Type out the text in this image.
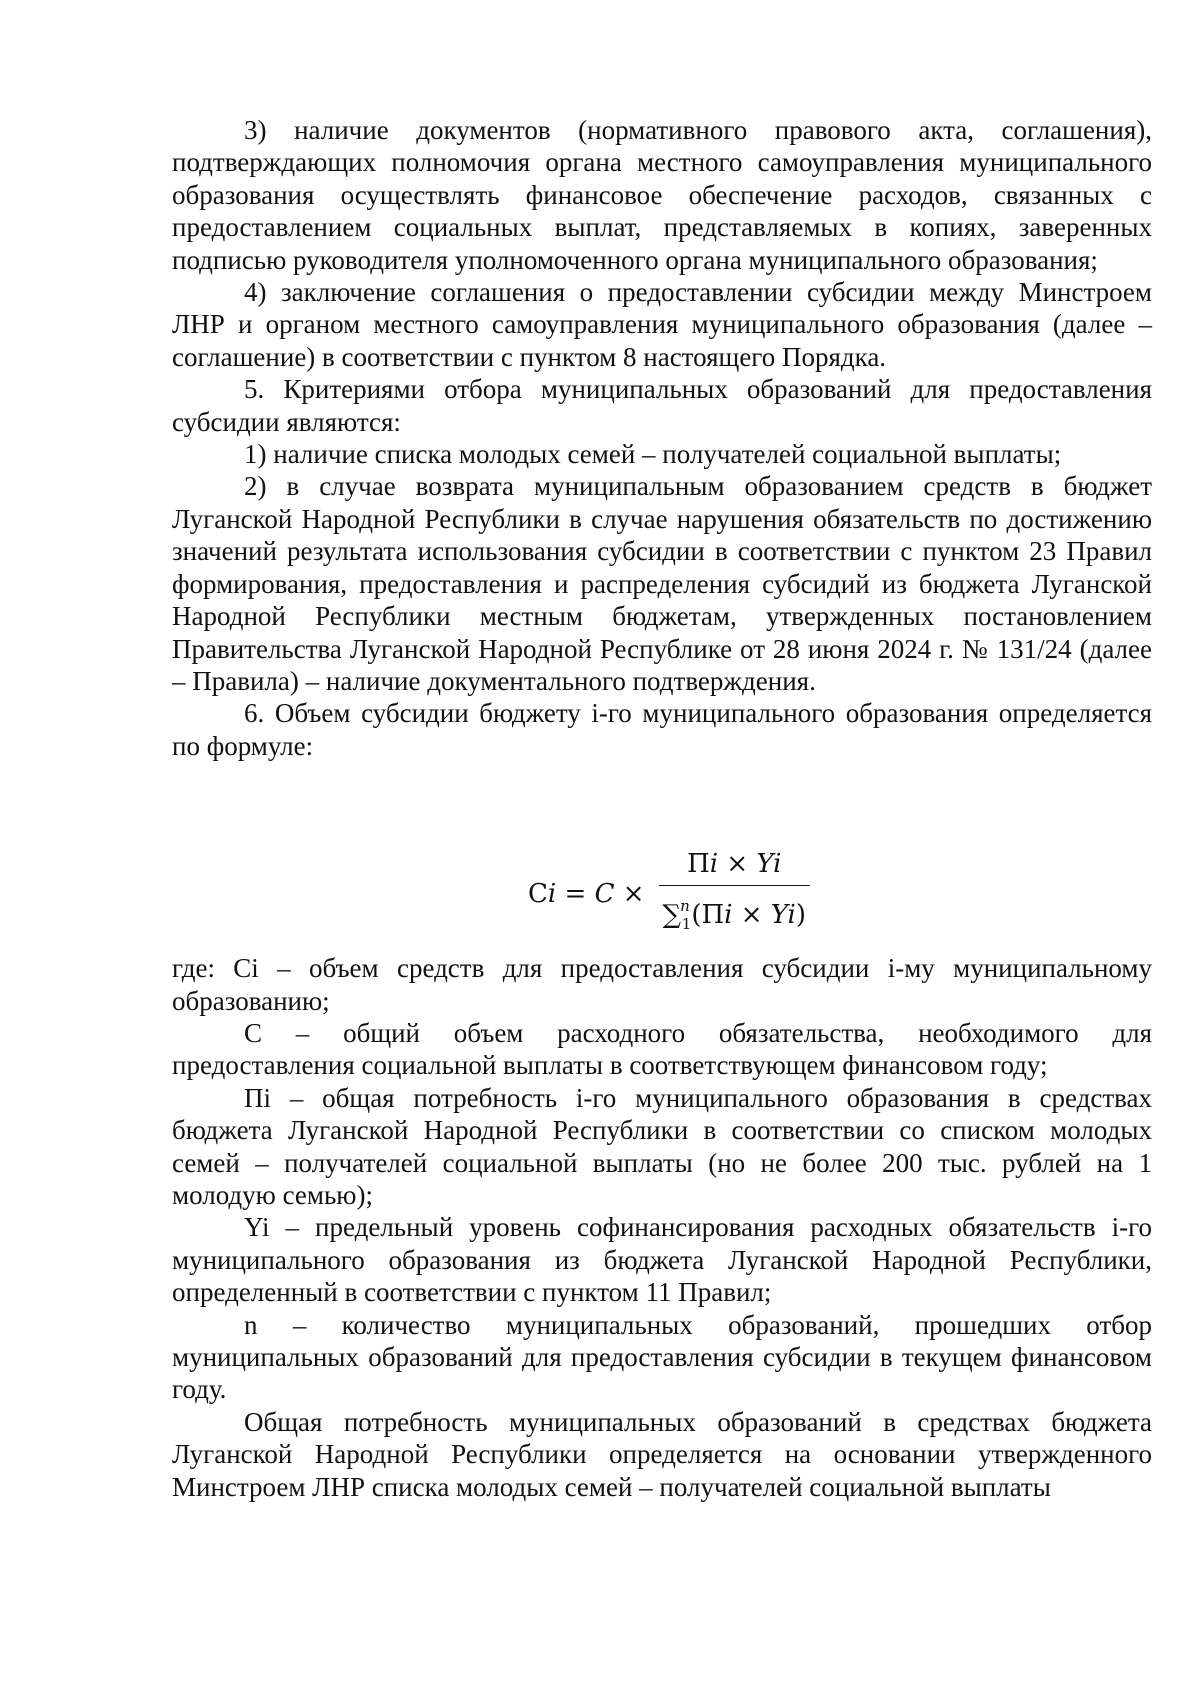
3) наличие документов (нормативного правового акта, соглашения), подтверждающих полномочия органа местного самоуправления муниципального образования осуществлять финансовое обеспечение расходов, связанных с предоставлением социальных выплат, представляемых в копиях, заверенных подписью руководителя уполномоченного органа муниципального образования;

4) заключение соглашения о предоставлении субсидии между Минстроем ЛНР и органом местного самоуправления муниципального образования (далее – соглашение) в соответствии с пунктом 8 настоящего Порядка.

5. Критериями отбора муниципальных образований для предоставления субсидии являются:

1) наличие списка молодых семей – получателей социальной выплаты;

2) в случае возврата муниципальным образованием средств в бюджет Луганской Народной Республики в случае нарушения обязательств по достижению значений результата использования субсидии в соответствии с пунктом 23 Правил формирования, предоставления и распределения субсидий из бюджета Луганской Народной Республики местным бюджетам, утвержденных постановлением Правительства Луганской Народной Республике от 28 июня 2024 г. № 131/24 (далее – Правила) – наличие документального подтверждения.

6. Объем субсидии бюджету i-го муниципального образования определяется по формуле:

$Ci = C \times \frac{Пi \times Yi}{\sum^n_1(Пi \times Yi)}$

где: Ci – объем средств для предоставления субсидии i-му муниципальному образованию;

C – общий объем расходного обязательства, необходимого для предоставления социальной выплаты в соответствующем финансовом году;

Пi – общая потребность i-го муниципального образования в средствах бюджета Луганской Народной Республики в соответствии со списком молодых семей – получателей социальной выплаты (но не более 200 тыс. рублей на 1 молодую семью);

Yi – предельный уровень софинансирования расходных обязательств i-го муниципального образования из бюджета Луганской Народной Республики, определенный в соответствии с пунктом 11 Правил;

n – количество муниципальных образований, прошедших отбор муниципальных образований для предоставления субсидии в текущем финансовом году.

Общая потребность муниципальных образований в средствах бюджета Луганской Народной Республики определяется на основании утвержденного Минстроем ЛНР списка молодых семей – получателей социальной выплаты
